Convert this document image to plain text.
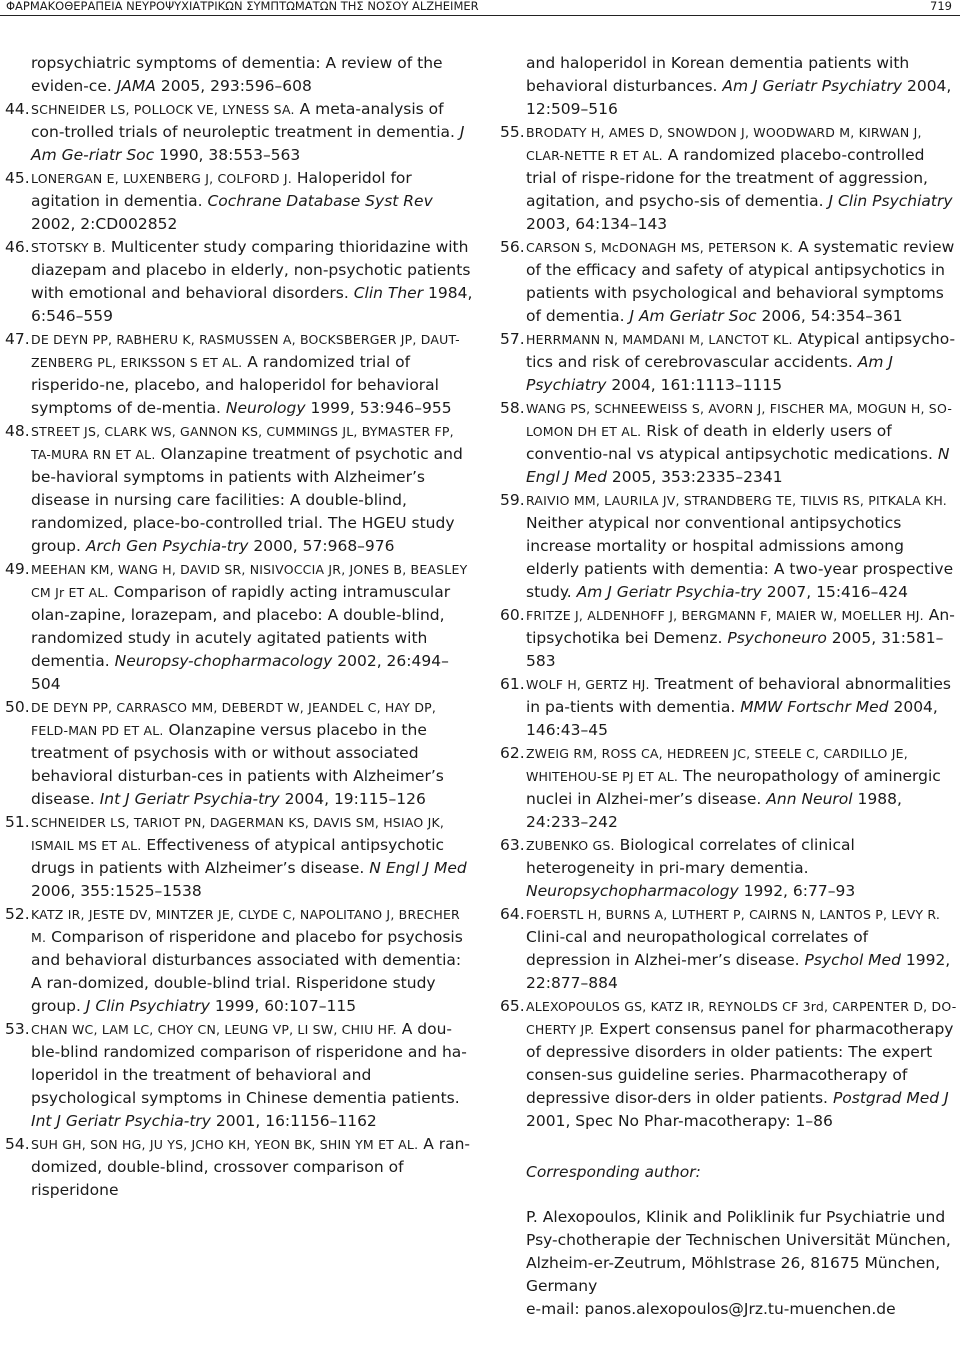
ΦΑΡΜΑΚΟΘΕΡΑΠΕΙΑ ΝΕΥΡΟΨΥΧΙΑΤΡΙΚΩΝ ΣΥΜΠΤΩΜΑΤΩΝ ΤΗΣ ΝΟΣΟΥ ALZHEIMER	719

ropsychiatric symptoms of dementia: A review of the eviden-ce. JAMA 2005, 293:596–608

44. SCHNEIDER LS, POLLOCK VE, LYNESS SA. A meta-analysis of con-trolled trials of neuroleptic treatment in dementia. J Am Ge-riatr Soc 1990, 38:553–563

45. LONERGAN E, LUXENBERG J, COLFORD J. Haloperidol for agitation in dementia. Cochrane Database Syst Rev 2002, 2:CD002852

46. STOTSKY B. Multicenter study comparing thioridazine with diazepam and placebo in elderly, non-psychotic patients with emotional and behavioral disorders. Clin Ther 1984, 6:546–559

47. DE DEYN PP, RABHERU K, RASMUSSEN A, BOCKSBERGER JP, DAUT-ZENBERG PL, ERIKSSON S ET AL. A randomized trial of risperido-ne, placebo, and haloperidol for behavioral symptoms of de-mentia. Neurology 1999, 53:946–955

48. STREET JS, CLARK WS, GANNON KS, CUMMINGS JL, BYMASTER FP, TA-MURA RN ET AL. Olanzapine treatment of psychotic and be-havioral symptoms in patients with Alzheimer’s disease in nursing care facilities: A double-blind, randomized, place-bo-controlled trial. The HGEU study group. Arch Gen Psychia-try 2000, 57:968–976

49. MEEHAN KM, WANG H, DAVID SR, NISIVOCCIA JR, JONES B, BEASLEY CM Jr ET AL. Comparison of rapidly acting intramuscular olan-zapine, lorazepam, and placebo: A double-blind, randomized study in acutely agitated patients with dementia. Neuropsy-chopharmacology 2002, 26:494–504

50. DE DEYN PP, CARRASCO MM, DEBERDT W, JEANDEL C, HAY DP, FELD-MAN PD ET AL. Olanzapine versus placebo in the treatment of psychosis with or without associated behavioral disturban-ces in patients with Alzheimer’s disease. Int J Geriatr Psychia-try 2004, 19:115–126

51. SCHNEIDER LS, TARIOT PN, DAGERMAN KS, DAVIS SM, HSIAO JK, ISMAIL MS ET AL. Effectiveness of atypical antipsychotic drugs in patients with Alzheimer’s disease. N Engl J Med 2006, 355:1525–1538

52. KATZ IR, JESTE DV, MINTZER JE, CLYDE C, NAPOLITANO J, BRECHER M. Comparison of risperidone and placebo for psychosis and behavioral disturbances associated with dementia: A ran-domized, double-blind trial. Risperidone study group. J Clin Psychiatry 1999, 60:107–115

53. CHAN WC, LAM LC, CHOY CN, LEUNG VP, LI SW, CHIU HF. A dou-ble-blind randomized comparison of risperidone and ha-loperidol in the treatment of behavioral and psychological symptoms in Chinese dementia patients. Int J Geriatr Psychia-try 2001, 16:1156–1162

54. SUH GH, SON HG, JU YS, JCHO KH, YEON BK, SHIN YM ET AL. A ran-domized, double-blind, crossover comparison of risperidone

and haloperidol in Korean dementia patients with behavioral disturbances. Am J Geriatr Psychiatry 2004, 12:509–516

55. BRODATY H, AMES D, SNOWDON J, WOODWARD M, KIRWAN J, CLAR-NETTE R ET AL. A randomized placebo-controlled trial of rispe-ridone for the treatment of aggression, agitation, and psycho-sis of dementia. J Clin Psychiatry 2003, 64:134–143

56. CARSON S, McDONAGH MS, PETERSON K. A systematic review of the efficacy and safety of atypical antipsychotics in patients with psychological and behavioral symptoms of dementia. J Am Geriatr Soc 2006, 54:354–361

57. HERRMANN N, MAMDANI M, LANCTOT KL. Atypical antipsycho-tics and risk of cerebrovascular accidents. Am J Psychiatry 2004, 161:1113–1115

58. WANG PS, SCHNEEWEISS S, AVORN J, FISCHER MA, MOGUN H, SO-LOMON DH ET AL. Risk of death in elderly users of conventio-nal vs atypical antipsychotic medications. N Engl J Med 2005, 353:2335–2341

59. RAIVIO MM, LAURILA JV, STRANDBERG TE, TILVIS RS, PITKALA KH. Neither atypical nor conventional antipsychotics increase mortality or hospital admissions among elderly patients with dementia: A two-year prospective study. Am J Geriatr Psychia-try 2007, 15:416–424

60. FRITZE J, ALDENHOFF J, BERGMANN F, MAIER W, MOELLER HJ. An-tipsychotika bei Demenz. Psychoneuro 2005, 31:581–583

61. WOLF H, GERTZ HJ. Treatment of behavioral abnormalities in pa-tients with dementia. MMW Fortschr Med 2004, 146:43–45

62. ZWEIG RM, ROSS CA, HEDREEN JC, STEELE C, CARDILLO JE, WHITEHOU-SE PJ ET AL. The neuropathology of aminergic nuclei in Alzhei-mer’s disease. Ann Neurol 1988, 24:233–242

63. ZUBENKO GS. Biological correlates of clinical heterogeneity in pri-mary dementia. Neuropsychopharmacology 1992, 6:77–93

64. FOERSTL H, BURNS A, LUTHERT P, CAIRNS N, LANTOS P, LEVY R. Clini-cal and neuropathological correlates of depression in Alzhei-mer’s disease. Psychol Med 1992, 22:877–884

65. ALEXOPOULOS GS, KATZ IR, REYNOLDS CF 3rd, CARPENTER D, DO-CHERTY JP. Expert consensus panel for pharmacotherapy of depressive disorders in older patients: The expert consen-sus guideline series. Pharmacotherapy of depressive disor-ders in older patients. Postgrad Med J 2001, Spec No Phar-macotherapy: 1–86

Corresponding author:
P. Alexopoulos, Klinik and Poliklinik fur Psychiatrie und Psy-chotherapie der Technischen Universität München, Alzheim-er-Zeutrum, Möhlstrase 26, 81675 München, Germany
e-mail: panos.alexopoulos@Jrz.tu-muenchen.de
